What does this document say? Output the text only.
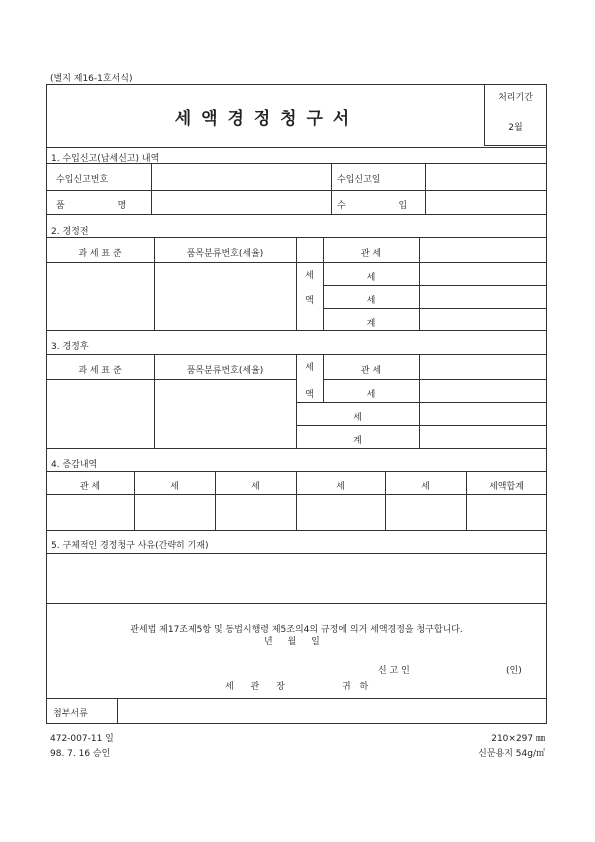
(별지 제16-1호서식)
세 액 경 정 청 구 서
처리기간
2월
1. 수입신고(납세신고) 내역
수입신고번호	수입신고일
품 명	수 입
2. 경정전
과 세 표 준	품목분류번호(세율)
세
액
관 세
세
세
계
3. 경정후
과 세 표 준	품목분류번호(세율)	세
액
관 세
세
세
계
4. 증감내역
관 세	세	세	세	세	세액합계
5. 구체적인 경정청구 사유(간략히 기재)
관세법 제17조제5항 및 동법시행령 제5조의4의 규정에 의거 세액경정을 청구합니다.
년 월 일
신 고 인	(인)
세 관 장	귀 하
첨부서류
472-007-11 일
98. 7. 16 승인
210×297 ㎜
신문용지 54g/㎡
